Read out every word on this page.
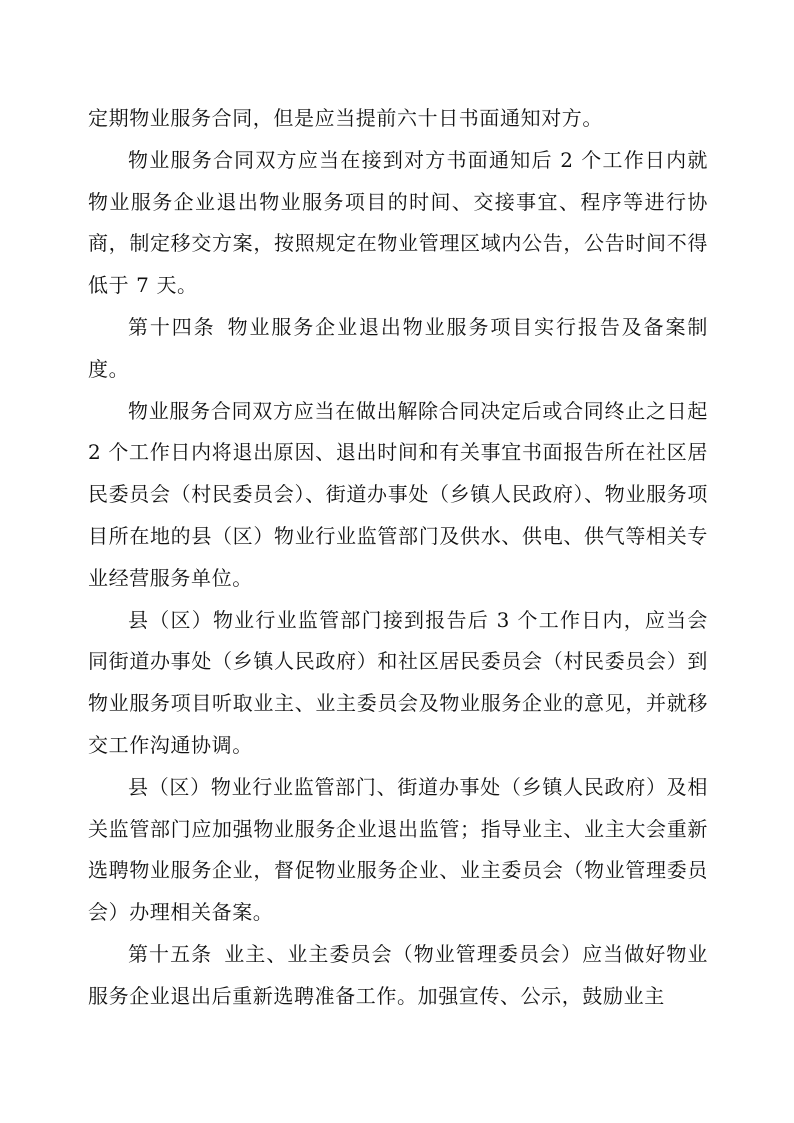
定期物业服务合同，但是应当提前六十日书面通知对方。

物业服务合同双方应当在接到对方书面通知后 2 个工作日内就物业服务企业退出物业服务项目的时间、交接事宜、程序等进行协商，制定移交方案，按照规定在物业管理区域内公告，公告时间不得低于 7 天。

第十四条 物业服务企业退出物业服务项目实行报告及备案制度。

物业服务合同双方应当在做出解除合同决定后或合同终止之日起 2 个工作日内将退出原因、退出时间和有关事宜书面报告所在社区居民委员会（村民委员会）、街道办事处（乡镇人民政府）、物业服务项目所在地的县（区）物业行业监管部门及供水、供电、供气等相关专业经营服务单位。

县（区）物业行业监管部门接到报告后 3 个工作日内，应当会同街道办事处（乡镇人民政府）和社区居民委员会（村民委员会）到物业服务项目听取业主、业主委员会及物业服务企业的意见，并就移交工作沟通协调。

县（区）物业行业监管部门、街道办事处（乡镇人民政府）及相关监管部门应加强物业服务企业退出监管；指导业主、业主大会重新选聘物业服务企业，督促物业服务企业、业主委员会（物业管理委员会）办理相关备案。

第十五条 业主、业主委员会（物业管理委员会）应当做好物业服务企业退出后重新选聘准备工作。加强宣传、公示，鼓励业主
